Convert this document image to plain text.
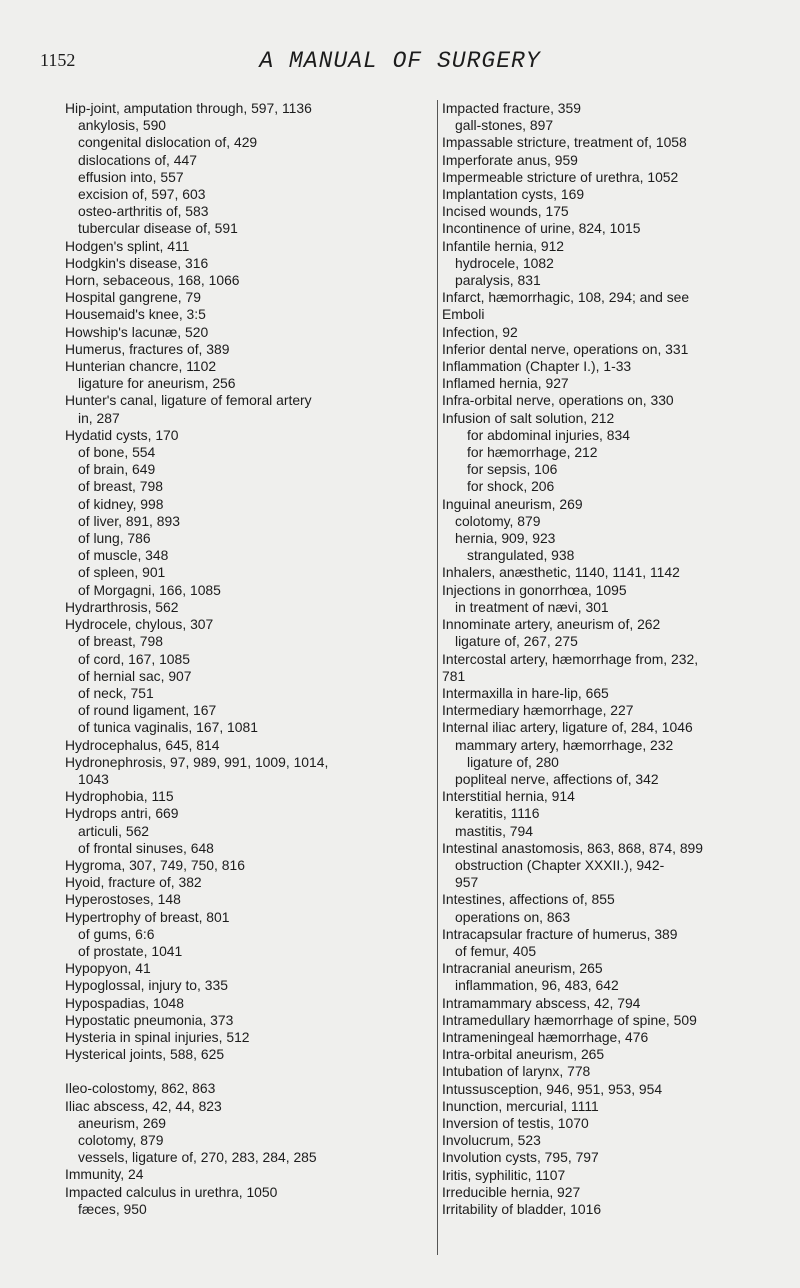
1152	A MANUAL OF SURGERY
Hip-joint, amputation through, 597, 1136
ankylosis, 590
congenital dislocation of, 429
dislocations of, 447
effusion into, 557
excision of, 597, 603
osteo-arthritis of, 583
tubercular disease of, 591
Hodgen's splint, 411
Hodgkin's disease, 316
Horn, sebaceous, 168, 1066
Hospital gangrene, 79
Housemaid's knee, 3:5
Howship's lacunæ, 520
Humerus, fractures of, 389
Hunterian chancre, 1102
ligature for aneurism, 256
Hunter's canal, ligature of femoral artery
in, 287
Hydatid cysts, 170
of bone, 554
of brain, 649
of breast, 798
of kidney, 998
of liver, 891, 893
of lung, 786
of muscle, 348
of spleen, 901
of Morgagni, 166, 1085
Hydrarthrosis, 562
Hydrocele, chylous, 307
of breast, 798
of cord, 167, 1085
of hernial sac, 907
of neck, 751
of round ligament, 167
of tunica vaginalis, 167, 1081
Hydrocephalus, 645, 814
Hydronephrosis, 97, 989, 991, 1009, 1014,
1043
Hydrophobia, 115
Hydrops antri, 669
articuli, 562
of frontal sinuses, 648
Hygroma, 307, 749, 750, 816
Hyoid, fracture of, 382
Hyperostoses, 148
Hypertrophy of breast, 801
of gums, 6:6
of prostate, 1041
Hypopyon, 41
Hypoglossal, injury to, 335
Hypospadias, 1048
Hypostatic pneumonia, 373
Hysteria in spinal injuries, 512
Hysterical joints, 588, 625
Ileo-colostomy, 862, 863
Iliac abscess, 42, 44, 823
aneurism, 269
colotomy, 879
vessels, ligature of, 270, 283, 284, 285
Immunity, 24
Impacted calculus in urethra, 1050
fæces, 950
Impacted fracture, 359
gall-stones, 897
Impassable stricture, treatment of, 1058
Imperforate anus, 959
Impermeable stricture of urethra, 1052
Implantation cysts, 169
Incised wounds, 175
Incontinence of urine, 824, 1015
Infantile hernia, 912
hydrocele, 1082
paralysis, 831
Infarct, hæmorrhagic, 108, 294; and see
Emboli
Infection, 92
Inferior dental nerve, operations on, 331
Inflammation (Chapter I.), 1-33
Inflamed hernia, 927
Infra-orbital nerve, operations on, 330
Infusion of salt solution, 212
for abdominal injuries, 834
for hæmorrhage, 212
for sepsis, 106
for shock, 206
Inguinal aneurism, 269
colotomy, 879
hernia, 909, 923
strangulated, 938
Inhalers, anæsthetic, 1140, 1141, 1142
Injections in gonorrhœa, 1095
in treatment of nævi, 301
Innominate artery, aneurism of, 262
ligature of, 267, 275
Intercostal artery, hæmorrhage from, 232,
781
Intermaxilla in hare-lip, 665
Intermediary hæmorrhage, 227
Internal iliac artery, ligature of, 284, 1046
mammary artery, hæmorrhage, 232
ligature of, 280
popliteal nerve, affections of, 342
Interstitial hernia, 914
keratitis, 1116
mastitis, 794
Intestinal anastomosis, 863, 868, 874, 899
obstruction (Chapter XXXII.), 942-
957
Intestines, affections of, 855
operations on, 863
Intracapsular fracture of humerus, 389
of femur, 405
Intracranial aneurism, 265
inflammation, 96, 483, 642
Intramammary abscess, 42, 794
Intramedullary hæmorrhage of spine, 509
Intrameningeal hæmorrhage, 476
Intra-orbital aneurism, 265
Intubation of larynx, 778
Intussusception, 946, 951, 953, 954
Inunction, mercurial, 1111
Inversion of testis, 1070
Involucrum, 523
Involution cysts, 795, 797
Iritis, syphilitic, 1107
Irreducible hernia, 927
Irritability of bladder, 1016
